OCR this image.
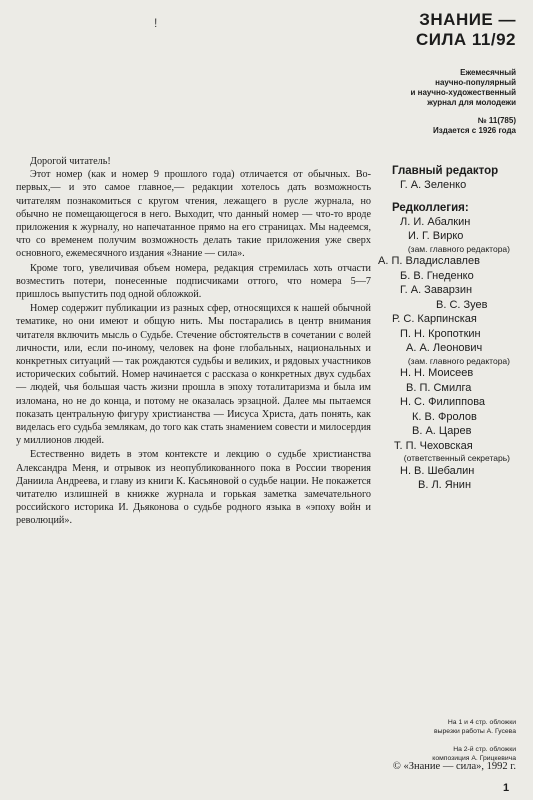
!	ЗНАНИЕ —
СИЛА 11/92
Ежемесячный
научно-популярный
и научно-художественный
журнал для молодежи
№ 11(785)
Издается с 1926 года

Дорогой читатель!

Этот номер (как и номер 9 прошлого года) отличается от обычных. Во-первых,— и это самое главное,— редакции хотелось дать возможность читателям познакомиться с кругом чтения, лежащего в русле журнала, но обычно не помещающегося в него. Выходит, что данный номер — что-то вроде приложения к журналу, но напечатанное прямо на его страницах. Мы надеемся, что со временем получим возможность делать такие приложения уже сверх основного, ежемесячного издания «Знание — сила».

Кроме того, увеличивая объем номера, редакция стремилась хоть отчасти возместить потери, понесенные подписчиками оттого, что номера 5—7 пришлось выпустить под одной обложкой.

Номер содержит публикации из разных сфер, относящихся к нашей обычной тематике, но они имеют и общую нить. Мы постарались в центр внимания читателя включить мысль о Судьбе. Стечение обстоятельств в сочетании с волей личности, или, если по-иному, человек на фоне глобальных, национальных и конкретных ситуаций — так рождаются судьбы и великих, и рядовых участников исторических событий. Номер начинается с рассказа о конкретных двух судьбах — людей, чья большая часть жизни прошла в эпоху тоталитаризма и была им изломана, но не до конца, и потому не оказалась эрзацной. Далее мы пытаемся показать центральную фигуру христианства — Иисуса Христа, дать понять, как виделась его судьба землякам, до того как стать знамением совести и милосердия у миллионов людей.

Естественно видеть в этом контексте и лекцию о судьбе христианства Александра Меня, и отрывок из неопубликованного пока в России творения Даниила Андреева, и главу из книги К. Касьяновой о судьбе нации. Не покажется читателю излишней в книжке журнала и горькая заметка замечательного российского историка И. Дьяконова о судьбе родного языка в «эпоху войн и революций».

Главный редактор
Г. А. Зеленко
Редколлегия:
Л. И. Абалкин
И. Г. Вирко
(зам. главного редактора)
А. П. Владиславлев
Б. В. Гнеденко
Г. А. Заварзин
В. С. Зуев
Р. С. Карпинская
П. Н. Кропоткин
А. А. Леонович
(зам. главного редактора)
Н. Н. Моисеев
В. П. Смилга
Н. С. Филиппова
К. В. Фролов
В. А. Царев
Т. П. Чеховская
(ответственный секретарь)
Н. В. Шебалин
В. Л. Янин
На 1 и 4 стр. обложки
вырезки работы А. Гусева
На 2-й стр. обложки
композиция А. Грицкевича
© «Знание — сила», 1992 г.
1
